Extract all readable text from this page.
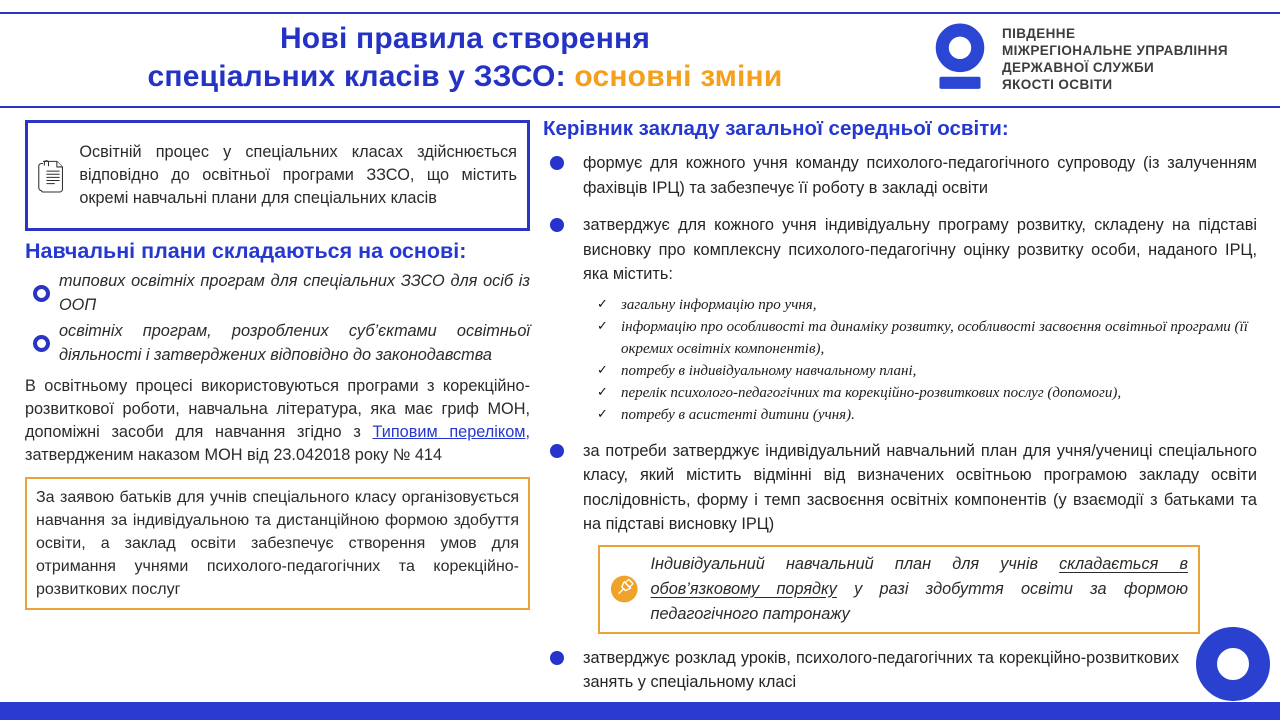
Нові правила створення
спеціальних класів у ЗЗСО: основні зміни
ПІВДЕННЕ
МІЖРЕГІОНАЛЬНЕ УПРАВЛІННЯ
ДЕРЖАВНОЇ СЛУЖБИ
ЯКОСТІ ОСВІТИ
Освітній процес у спеціальних класах здійснюється відповідно до освітньої програми ЗЗСО, що містить окремі навчальні плани для спеціальних класів
Навчальні плани складаються на основі:
типових освітніх програм для спеціальних ЗЗСО для осіб із ООП
освітніх програм, розроблених суб’єктами освітньої діяльності і затверджених відповідно до законодавства

В освітньому процесі використовуються програми з корекційно-розвиткової роботи, навчальна література, яка має гриф МОН, допоміжні засоби для навчання згідно з Типовим переліком, затвердженим наказом МОН від 23.042018 року № 414

За заявою батьків для учнів спеціального класу організовується навчання за індивідуальною та дистанційною формою здобуття освіти, а заклад освіти забезпечує створення умов для отримання учнями психолого-педагогічних та корекційно-розвиткових послуг
Керівник закладу загальної середньої освіти:
формує для кожного учня команду психолого-педагогічного супроводу (із залученням фахівців ІРЦ) та забезпечує її роботу в закладі освіти
затверджує для кожного учня індивідуальну програму розвитку, складену на підставі висновку про комплексну психолого-педагогічну оцінку розвитку особи, наданого ІРЦ, яка містить:
✓ загальну інформацію про учня,
✓ інформацію про особливості та динаміку розвитку, особливості засвоєння освітньої програми (її окремих освітніх компонентів),
✓ потребу в індивідуальному навчальному плані,
✓ перелік психолого-педагогічних та корекційно-розвиткових послуг (допомоги),
✓ потребу в асистенті дитини (учня).
за потреби затверджує індивідуальний навчальний план для учня/учениці спеціального класу, який містить відмінні від визначених освітньою програмою закладу освіти послідовність, форму і темп засвоєння освітніх компонентів (у взаємодії з батьками та на підставі висновку ІРЦ)
Індивідуальний навчальний план для учнів складається в обов’язковому порядку у разі здобуття освіти за формою педагогічного патронажу
затверджує розклад уроків, психолого-педагогічних та корекційно-розвиткових занять у спеціальному класі
